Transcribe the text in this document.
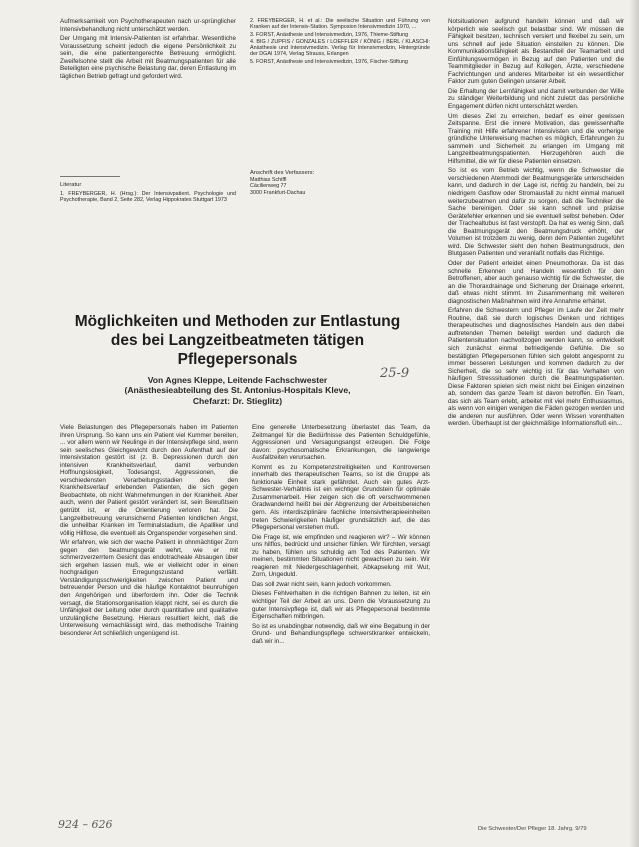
Aufmerksamkeit von Psychotherapeuten nach ur-sprünglicher Intensivbehandlung nicht unterschätzt werden.

Der Umgang mit Intensiv-Patienten ist erfahrbar. Wesentliche Voraussetzung scheint jedoch die eigene Persönlichkeit zu sein, die eine patientengerechte Betreuung ermöglicht. Zweifelsohne stellt die Arbeit mit Beatmungspatienten für alle Beteiligten eine psychische Belastung dar, deren Entlastung im täglichen Betrieb gefragt und gefordert wird.

Literatur
1. FREYBERGER, H. (Hrsg.): Der Intensivpatient. Psychologie und Psychotherapie, Band 2, Seite 282, Verlag Hippokrates Stuttgart 1973
2. FREYBERGER, H. et al.: Die seelische Situation und Führung von Kranken auf der Intensiv-Station. Symposion Intensivmedizin 1970, ...
3. FORST, Anästhesie und Intensivmedizin, 1976, Thieme-Stiftung
4. BIG / ZUPFIS / GONZALES / LOEFFLER / KÖNIG / BERL / KLASCHI: Anästhesie und Intensivmedizin. Verlag für Intensivmedizin, Hintergründe der DGAI 1974, Verlag Strauss, Erlangen
5. FORST, Anästhesie und Intensivmedizin, 1976, Fischer-Stiftung
Anschrift des Verfassers:
Matthias Schiffl
Cäcilienweg 77
3000 Frankfurt-Dachau

Notsituationen aufgrund handeln können und daß wir körperlich wie seelisch gut belastbar sind. Wir müssen die Fähigkeit besitzen, technisch versiert und flexibel zu sein, um uns schnell auf jede Situation einstellen zu können. Die Kommunikationsfähigkeit als Bestandteil der Teamarbeit und Einfühlungsvermögen in Bezug auf den Patienten und die Teammitglieder in Bezug auf Kollegen, Ärzte, verschiedene Fachrichtungen und anderes Mitarbeiter ist ein wesentlicher Faktor zum guten Gelingen unserer Arbeit.

Die Erhaltung der Lernfähigkeit und damit verbunden der Wille zu ständiger Weiterbildung und nicht zuletzt das persönliche Engagement dürfen nicht unterschätzt werden.

Um dieses Ziel zu erreichen, bedarf es einer gewissen Zeitspanne. Erst die innere Motivation, das gewissenhafte Training mit Hilfe erfahrener Intensivisten und die vorherige gründliche Unterweisung machen es möglich, Erfahrungen zu sammeln und Sicherheit zu erlangen im Umgang mit Langzeitbeatmungspatienten. Hierzugehören auch die Hilfsmittel, die wir für diese Patienten einsetzen.

So ist es vom Betrieb wichtig, wenn die Schwester die verschiedenen Atemmodi der Beatmungsgeräte unterscheiden kann, und dadurch in der Lage ist, richtig zu handeln, bei zu niedrigem Gasflow oder Stromausfall zu nicht einmal manuell weiterzubeatmen und dafür zu sorgen, daß die Techniker die Sache bereinigen. Oder sie kann schnell und präzise Gerätefehler erkennen und sie eventuell selbst beheben. Oder der Trachealtubus ist fast verstopft. Da hat es wenig Sinn, daß die Beatmungsgerät den Beatmungsdruck erhöht, der Volumen ist trotzdem zu wenig, denn dem Patienten zugeführt wird. Die Schwester sieht den hohen Beatmungsdruck, den Blutgasen Patienten und veranlaßt notfalls das Richtige.

Oder der Patient erleidet einen Pneumothorax. Da ist das schnelle Erkennen und Handeln wesentlich für den Betroffenen, aber auch genauso wichtig für die Schwester, die an die Thoraxdrainage und Sicherung der Drainage erkennt, daß etwas nicht stimmt. Im Zusammenhang mit weiteren diagnostischen Maßnahmen wird ihre Annahme erhärtet.

Erfahren die Schwestern und Pfleger im Laufe der Zeit mehr Routine, daß sie durch logisches Denken und richtiges therapeutisches und diagnostisches Handeln aus den dabei auftretenden Themen beteiligt werden und dadurch die Patientensituation nachvollzogen werden kann, so entwickelt sich zunächst einmal befriedigende Gefühle. Die so bestätigten Pflegepersonen fühlen sich gelobt angespornt zu immer besseren Leistungen und kommen dadurch zu der Sicherheit, die so sehr wichtig ist für das Verhalten von häufigen Stresssituationen durch die Beatmungspatienten. Diese Faktoren spielen sich meist nicht bei Einigen einzelnen ab, sondern das ganze Team ist davon betroffen. Ein Team, das sich als Team erlebt, arbeitet mit viel mehr Enthusiasmus, als wenn von einigen wenigen die Fäden gezogen werden und die anderen nur ausführen. Oder wenn Wissen vorenthalten werden. Überhaupt ist der gleichmäßige Informationsfluß ein...

Möglichkeiten und Methoden zur Entlastung des bei Langzeitbeatmeten tätigen Pflegepersonals
Von Agnes Kleppe, Leitende Fachschwester
(Anästhesieabteilung des St. Antonius-Hospitals Kleve,
Chefarzt: Dr. Stieglitz)
25-9

Viele Belastungen des Pflegepersonals haben im Patienten ihren Ursprung. So kann uns ein Patient viel Kummer bereiten, ... vor allem wenn wir Neulinge in der Intensivpflege sind, wenn sein seelisches Gleichgewicht durch den Aufenthalt auf der Intensivstation gestört ist (z. B. Depressionen durch den intensiven Krankheitsverlauf, damit verbunden Hoffnungslosigkeit, Todesangst, Aggressionen, die verschiedensten Verarbeitungsstadien des den Krankheitsverlauf erlebenden Patienten, die sich gegen Beobachtete, ob nicht Wahrnehmungen in der Krankheit. Aber auch, wenn der Patient gestört verändert ist, sein Bewußtsein getrübt ist, er die Orientierung verloren hat. Die Langzeitbetreuung verunsichernd Patienten kindlichen Angst, die unheilbar Kranken im Terminalstadium, die Apalliker und völlig Hilflose, die eventuell als Organspender vorgesehen sind.

Wir erfahren, wie sich der wache Patient in ohnmächtiger Zorn gegen den beatmungsgerät wehrt, wie er mit schmerzverzerrtem Gesicht das endotracheale Absaugen über sich ergehen lassen muß, wie er vielleicht oder in einen hochgradigen Erregungszustand verfällt. Verständigungsschwierigkeiten zwischen Patient und betreuender Person und die häufige Kontaktnot beunruhigen den Angehörigen und überfordern ihn. Oder die Technik versagt, die Stationsorganisation klappt nicht, sei es durch die Unfähigkeit der Leitung oder durch quantitative und qualitative unzulängliche Besetzung. Hieraus resultiert leicht, daß die Unterweisung vernachlässigt wird, das methodische Training besonderer Art schließlich ungenügend ist.

Eine generelle Unterbesetzung überlastet das Team, da Zeitmangel für die Bedürfnisse des Patienten Schuldgefühle, Aggressionen und Versagungsangst erzeugen. Die Folge davon: psychosomatische Erkrankungen, die langwierige Ausfallzeiten verursachen.

Kommt es zu Kompetenzstreitigkeiten und Kontroversen innerhalb des therapeutischen Teams, so ist die Gruppe als funktionale Einheit stark gefährdet. Auch ein gutes Arzt-Schwester-Verhältnis ist ein wichtiger Grundstein für optimale Zusammenarbeit. Hier zeigen sich die oft verschwommenen Gradwandernd heißt bei der Abgrenzung der Arbeitsbereichen gern. Als interdisziplinäre fachliche Intensivtherapieeinheiten treten Schwierigkeiten häufiger grundsätzlich auf, die das Pflegepersonal verstehen muß.

Die Frage ist, wie empfinden und reagieren wir? – Wir können uns hilflos, bedrückt und unsicher fühlen. Wir fürchten, versagt zu haben, fühlen uns schuldig am Tod des Patienten. Wir meinen, bestimmten Situationen nicht gewachsen zu sein. Wir reagieren mit Niedergeschlagenheit, Abkapselung mit Wut, Zorn, Ungeduld.

Das soll zwar nicht sein, kann jedoch vorkommen.

Dieses Fehlverhalten in die richtigen Bahnen zu leiten, ist ein wichtiger Teil der Arbeit an uns. Denn die Voraussetzung zu guter Intensivpflege ist, daß wir als Pflegepersonal bestimmte Eigenschaften mitbringen.

So ist es unabdingbar notwendig, daß wir eine Begabung in der Grund- und Behandlungspflege schwerstkranker entwickeln, daß wir in...

924 – 626	Die Schwester/Der Pfleger 18. Jahrg. 9/79
